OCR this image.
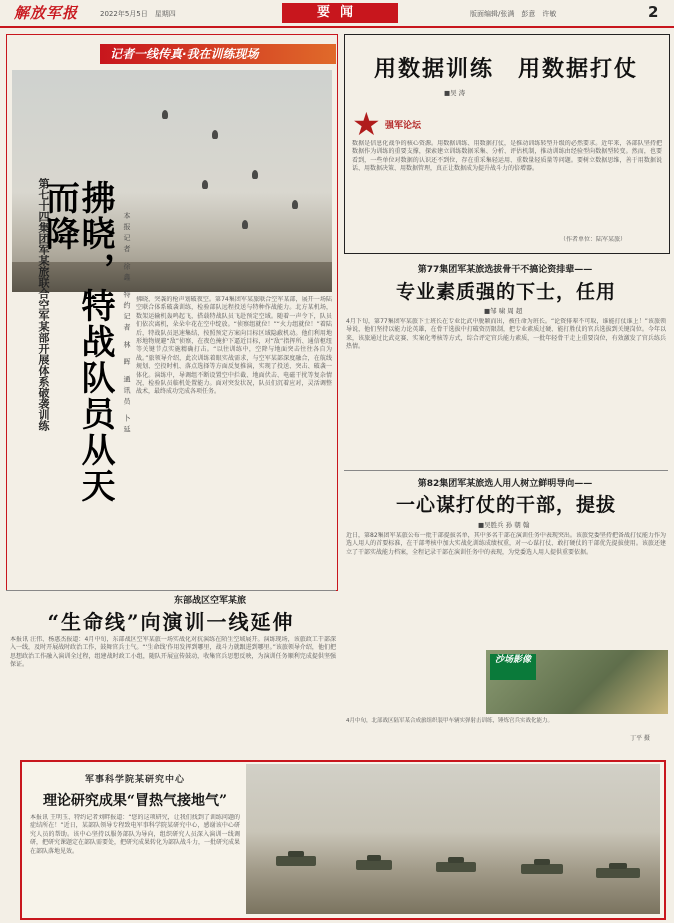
解放军报	2022年5月5日　星期四	要闻	版面编辑/张满　彭意　许敏	2
记者一线传真·我在训练现场
第七十四集团军某旅联合空军某部开展体系破袭训练 拂晓，特战队员从天而降	本报记者 徐鑫 特约记者 林 晖 通讯员 卜延 拂晓，突袭的枪声划破夜空。第74集团军某旅联合空军某部，展开一场陆空联合体系破袭训练，检验部队远程投送与特种作战能力。北方某机场，数架运输机轰鸣起飞，搭载特战队员飞赴预定空域。随着一声令下，队员们依次离机，朵朵伞花在空中绽放。“侦察组就位！”“火力组就位！”着陆后，特战队员迅速集结，按照预定方案向目标区域隐蔽机动。他们利用地形地物规避“敌”侦察，在夜色掩护下逼近目标，对“敌”指挥所、通信枢纽等关键节点实施精确打击。“以往训练中，空降与地面突击往往各自为战。”旅领导介绍，此次训练着眼实战需求，与空军某部深度融合，在航线规划、空投时机、落点选择等方面反复推演，实现了投送、突击、破袭一体化。演练中，导调组不断设置空中拦截、地面伏击、电磁干扰等复杂情况，检验队员临机处置能力。面对突发状况，队员们沉着应对，灵活调整战术，最终成功完成各项任务。
用数据训练　用数据打仗
■吴 涛
★ 强军论坛
数据是信息化战争的核心资源。用数据训练、用数据打仗，是推动训练转型升级的必然要求。近年来，各部队坚持把数据作为训练的重要支撑，探索建立训练数据采集、分析、评估机制，推动训练由经验型向数据型转变。然而，也要看到，一些单位对数据的认识还不到位，存在重采集轻运用、重数量轻质量等问题。要树立数据思维，善于用数据说话、用数据决策、用数据管理，真正让数据成为提升战斗力的倍增器。
（作者单位：陆军某旅）
第77集团军某旅选拔骨干不搞论资排辈——
专业素质强的下士，任用
■邹 啸 周 超
4月下旬，第77集团军某旅下士班长在专业比武中脱颖而出，被任命为班长。“论资排辈不可取，谁能打仗谁上！”该旅领导说，他们坚持以能力论英雄，在骨干选拔中打破资历限制，把专业素质过硬、能打胜仗的官兵选拔到关键岗位。今年以来，该旅通过比武竞赛、实案化考核等方式，综合评定官兵能力素质，一批年轻骨干走上重要岗位，有效激发了官兵练兵热情。
第82集团军某旅选人用人树立鲜明导向——
一心谋打仗的干部，提拔
■吴胜兵 孙 朝 翰
近日，第82集团军某旅公布一批干部提拔名单，其中多名干部在演训任务中表现突出。该旅党委坚持把备战打仗能力作为选人用人的首要标准，在干部考核中加大实战化训练成绩权重，对一心谋打仗、敢打硬仗的干部优先提拔使用。该旅还建立了干部实战能力档案，全程记录干部在演训任务中的表现，为党委选人用人提供重要依据。
沙场影像
4月中旬，北部战区陆军某合成旅组织装甲车辆实弹射击训练，锤炼官兵实战化能力。
丁平 摄
东部战区空军某旅
“生命线”向演训一线延伸
本报讯 汪伟、杨惠杰报道：4月中旬，东部战区空军某旅一场实战化对抗演练在陌生空域展开。演练现场，该旅政工干部深入一线，及时开展战时政治工作，鼓舞官兵士气。“‘生命线’作用发挥到哪里，战斗力就跟进到哪里。”该旅领导介绍，他们把思想政治工作融入演训全过程，组建战时政工小组，随队开展宣传鼓动，收集官兵思想反映，为演训任务顺利完成提供坚强保证。
军事科学院某研究中心
理论研究成果“冒热气接地气”
本报讯 王明玉、特约记者刘畔报道：“您的这项研究，让我们找到了训练问题的症结所在！”近日，某部队领导专程致电军事科学院某研究中心，感谢该中心研究人员的帮助。该中心坚持以服务部队为导向，组织研究人员深入演训一线调研，把研究课题定在部队需要处，把研究成果转化为部队战斗力，一批研究成果在部队落地见效。
